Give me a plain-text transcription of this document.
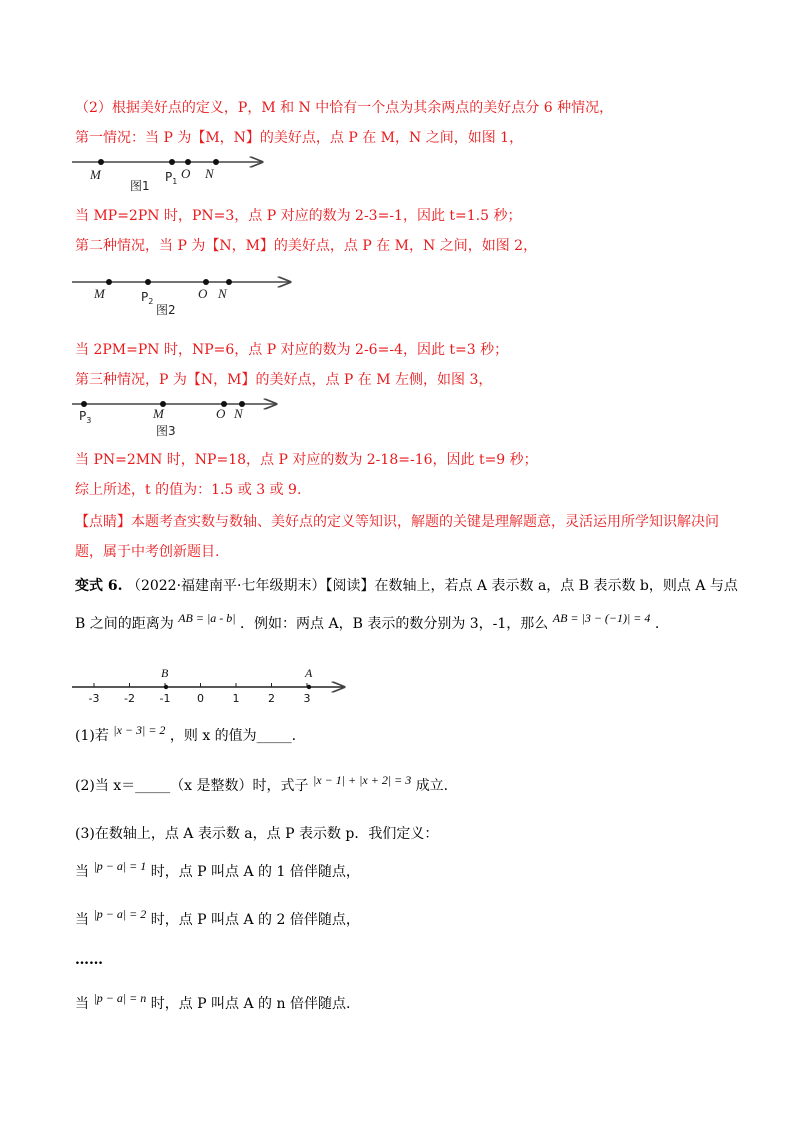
（2）根据美好点的定义，P，M 和 N 中恰有一个点为其余两点的美好点分 6 种情况，
第一情况：当 P 为【M，N】的美好点，点 P 在 M，N 之间，如图 1，
M	$P_1$
O N
图1
M	$P_2$
O N
图2
$P_3$	M	O N
图3
-3 -2 -1 0	1	2	3
B	A
当 MP=2PN 时，PN=3，点 P 对应的数为 2-3=-1，因此 t=1.5 秒；
第二种情况，当 P 为【N，M】的美好点，点 P 在 M，N 之间，如图 2，
当 2PM=PN 时，NP=6，点 P 对应的数为 2-6=-4，因此 t=3 秒；
第三种情况，P 为【N，M】的美好点，点 P 在 M 左侧，如图 3，
当 PN=2MN 时，NP=18，点 P 对应的数为 2-18=-16，因此 t=9 秒；
综上所述，t 的值为：1.5 或 3 或 9.
【点睛】本题考查实数与数轴、美好点的定义等知识，解题的关键是理解题意，灵活运用所学知识解决问
题，属于中考创新题目.
变式 6. （2022·福建南平·七年级期末）【阅读】在数轴上，若点 A 表示数 a，点 B 表示数 b，则点 A 与点
B 之间的距离为 AB = |a - b| ．例如：两点 A，B 表示的数分别为 3，-1，那么 AB = |3 − (−1)| = 4 .
(1)若 |x − 3| = 2 ，则 x 的值为_____.
(2)当 x＝_____（x 是整数）时，式子 |x − 1| + |x + 2| = 3 成立.
(3)在数轴上，点 A 表示数 a，点 P 表示数 p．我们定义：
当 |p − a| = 1 时，点 P 叫点 A 的 1 倍伴随点，
当 |p − a| = 2 时，点 P 叫点 A 的 2 倍伴随点，
……
当 |p − a| = n 时，点 P 叫点 A 的 n 倍伴随点.
